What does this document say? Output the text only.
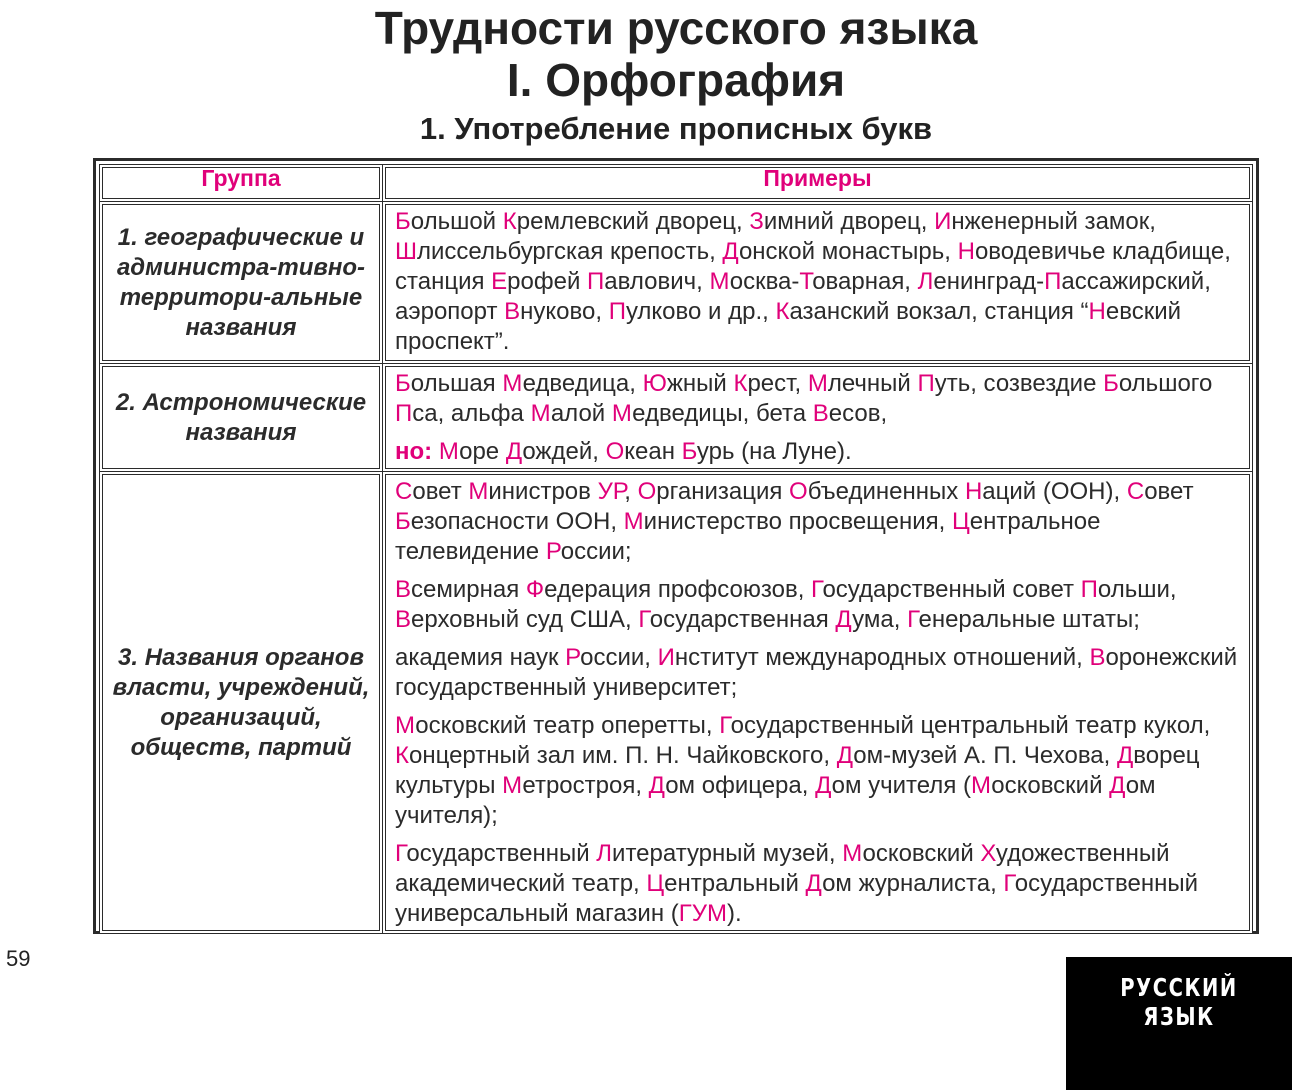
Трудности русского языка
I. Орфография
1. Употребление прописных букв
Группа	Примеры
1. географические и администра-тивно-территори-альные названия	Большой Кремлевский дворец, Зимний дворец, Инженерный замок, Шлиссельбургская крепость, Донской монастырь, Новодевичье кладбище, станция Ерофей Павлович, Москва-Товарная, Ленинград-Пассажирский, аэропорт Внуково, Пулково и др., Казанский вокзал, станция “Невский проспект”.

2. Астрономические названия	Большая Медведица, Южный Крест, Млечный Путь, созвездие Большого Пса, альфа Малой Медведицы, бета Весов,

но: Море Дождей, Океан Бурь (на Луне).

3. Названия органов власти, учреждений, организаций, обществ, партий	Совет Министров УР, Организация Объединенных Наций (ООН), Совет Безопасности ООН, Министерство просвещения, Центральное телевидение России;

Всемирная Федерация профсоюзов, Государственный совет Польши, Верховный суд США, Государственная Дума, Генеральные штаты;

академия наук России, Институт международных отношений, Воронежский государственный университет;

Московский театр оперетты, Государственный центральный театр кукол, Концертный зал им. П. Н. Чайковского, Дом-музей А. П. Чехова, Дворец культуры Метростроя, Дом офицера, Дом учителя (Московский Дом учителя);

Государственный Литературный музей, Московский Художественный академический театр, Центральный Дом журналиста, Государственный универсальный магазин (ГУМ).

59
РУССКИЙ ЯЗЫК
